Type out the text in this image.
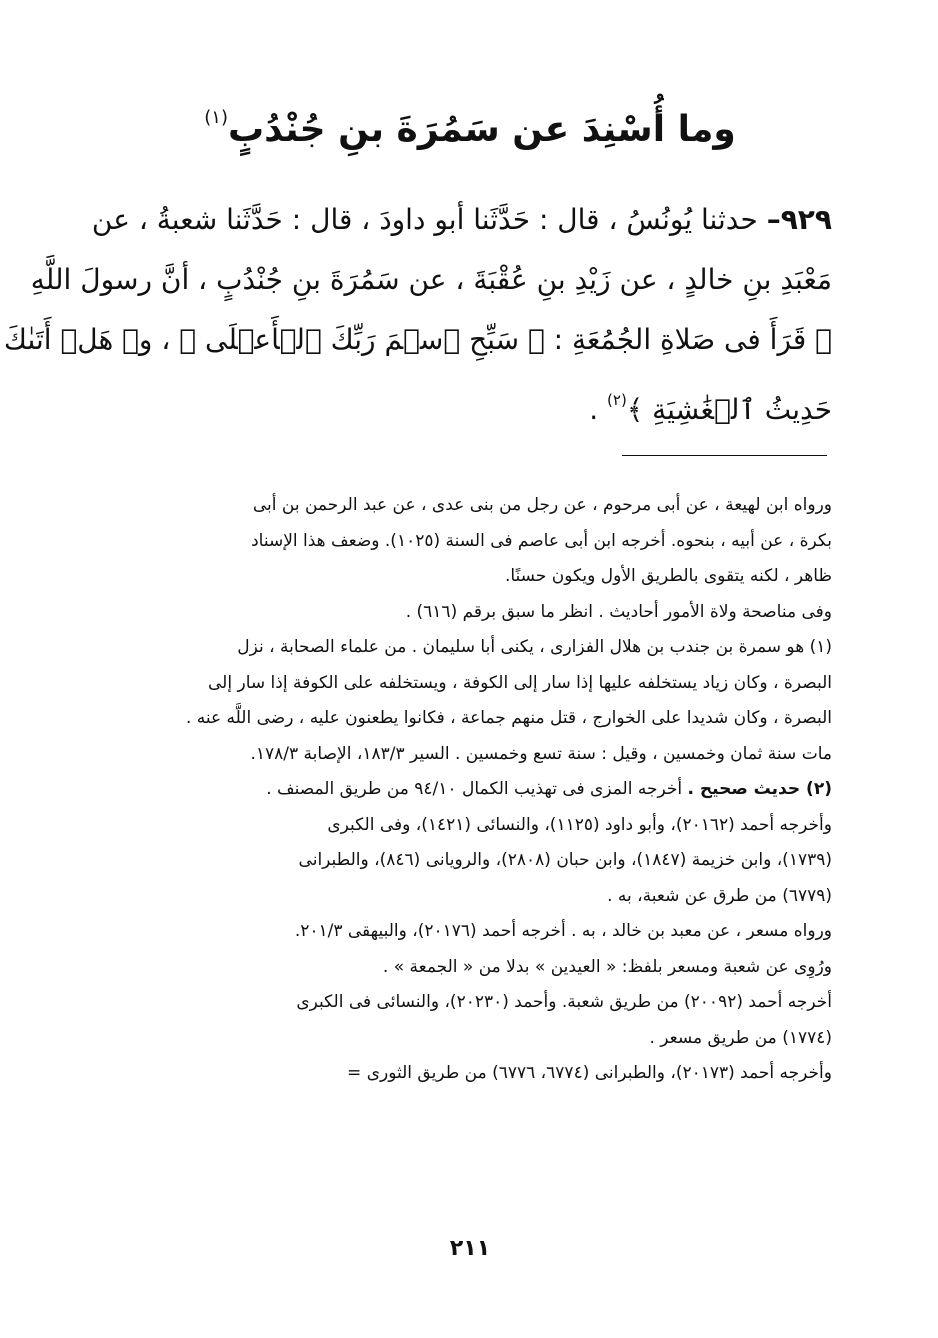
وما أُسْنِدَ عن سَمُرَةَ بنِ جُنْدُبٍ$^{(١)}$
٩٢٩– حدثنا يُونُسُ ، قال : حَدَّثَنا أبو داودَ ، قال : حَدَّثَنا شعبةُ ، عن
مَعْبَدِ بنِ خالدٍ ، عن زَيْدِ بنِ عُقْبَةَ ، عن سَمُرَةَ بنِ جُنْدُبٍ ، أنَّ رسولَ اللَّهِ
ﷺ قَرَأَ فى صَلاةِ الجُمُعَةِ : ﴿ سَبِّحِ ٱسۡمَ رَبِّكَ ٱلۡأَعۡلَى ﴾ ، و﴿ هَلۡ أَتَىٰكَ
حَدِيثُ ٱلۡغَٰشِيَةِ ﴾$^{(٢)}$ .
ورواه ابن لهيعة ، عن أبى مرحوم ، عن رجل من بنى عدى ، عن عبد الرحمن بن أبى
بكرة ، عن أبيه ، بنحوه. أخرجه ابن أبى عاصم فى السنة (١٠٢٥). وضعف هذا الإسناد
ظاهر ، لكنه يتقوى بالطريق الأول ويكون حسنًا.
وفى مناصحة ولاة الأمور أحاديث . انظر ما سبق برقم (٦١٦) .
(١) هو سمرة بن جندب بن هلال الفزارى ، يكنى أبا سليمان . من علماء الصحابة ، نزل
البصرة ، وكان زياد يستخلفه عليها إذا سار إلى الكوفة ، ويستخلفه على الكوفة إذا سار إلى
البصرة ، وكان شديدا على الخوارج ، قتل منهم جماعة ، فكانوا يطعنون عليه ، رضى اللَّه عنه .
مات سنة ثمان وخمسين ، وقيل : سنة تسع وخمسين . السير ١٨٣/٣، الإصابة ١٧٨/٣.
(٢) حديث صحيح . أخرجه المزى فى تهذيب الكمال ٩٤/١٠ من طريق المصنف .
وأخرجه أحمد (٢٠١٦٢)، وأبو داود (١١٢٥)، والنسائى (١٤٢١)، وفى الكبرى
(١٧٣٩)، وابن خزيمة (١٨٤٧)، وابن حبان (٢٨٠٨)، والرويانى (٨٤٦)، والطبرانى
(٦٧٧٩) من طرق عن شعبة، به .
ورواه مسعر ، عن معبد بن خالد ، به . أخرجه أحمد (٢٠١٧٦)، والبيهقى ٢٠١/٣.
ورُوِى عن شعبة ومسعر بلفظ: « العيدين » بدلا من « الجمعة » .
أخرجه أحمد (٢٠٠٩٢) من طريق شعبة. وأحمد (٢٠٢٣٠)، والنسائى فى الكبرى
(١٧٧٤) من طريق مسعر .
وأخرجه أحمد (٢٠١٧٣)، والطبرانى (٦٧٧٤، ٦٧٧٦) من طريق الثورى =
٢١١
